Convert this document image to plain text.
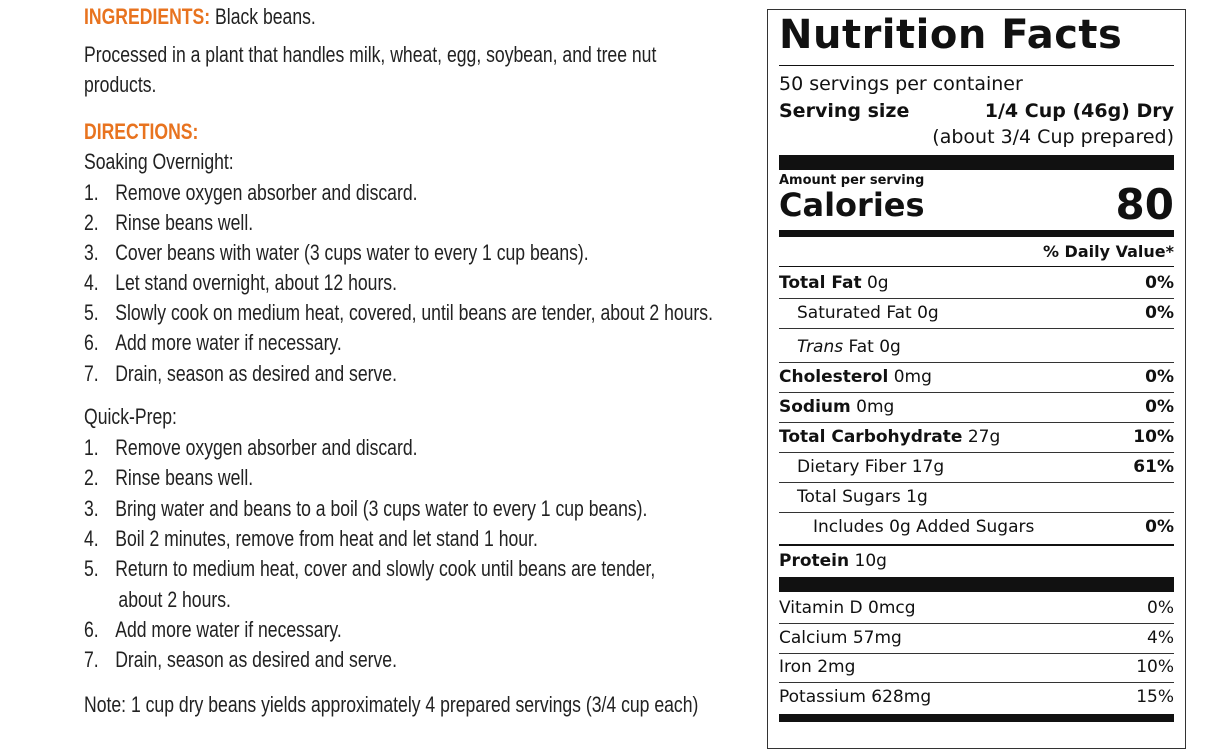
INGREDIENTS: Black beans.
Processed in a plant that handles milk, wheat, egg, soybean, and tree nut
products.
DIRECTIONS:
Soaking Overnight:
1. Remove oxygen absorber and discard.
2. Rinse beans well.
3. Cover beans with water (3 cups water to every 1 cup beans).
4. Let stand overnight, about 12 hours.
5. Slowly cook on medium heat, covered, until beans are tender, about 2 hours.
6. Add more water if necessary.
7. Drain, season as desired and serve.
Quick-Prep:
1. Remove oxygen absorber and discard.
2. Rinse beans well.
3. Bring water and beans to a boil (3 cups water to every 1 cup beans).
4. Boil 2 minutes, remove from heat and let stand 1 hour.
5. Return to medium heat, cover and slowly cook until beans are tender,
about 2 hours.
6. Add more water if necessary.
7. Drain, season as desired and serve.
Note: 1 cup dry beans yields approximately 4 prepared servings (3/4 cup each)
Nutrition Facts
50 servings per container
Serving size	1/4 Cup (46g) Dry
(about 3/4 Cup prepared)
Amount per serving
Calories	80
% Daily Value*
Total Fat 0g	0%
Saturated Fat 0g	0%
Trans Fat 0g
Cholesterol 0mg	0%
Sodium 0mg	0%
Total Carbohydrate 27g	10%
Dietary Fiber 17g	61%
Total Sugars 1g
Includes 0g Added Sugars	0%
Protein 10g
Vitamin D 0mcg	0%
Calcium 57mg	4%
Iron 2mg	10%
Potassium 628mg	15%
